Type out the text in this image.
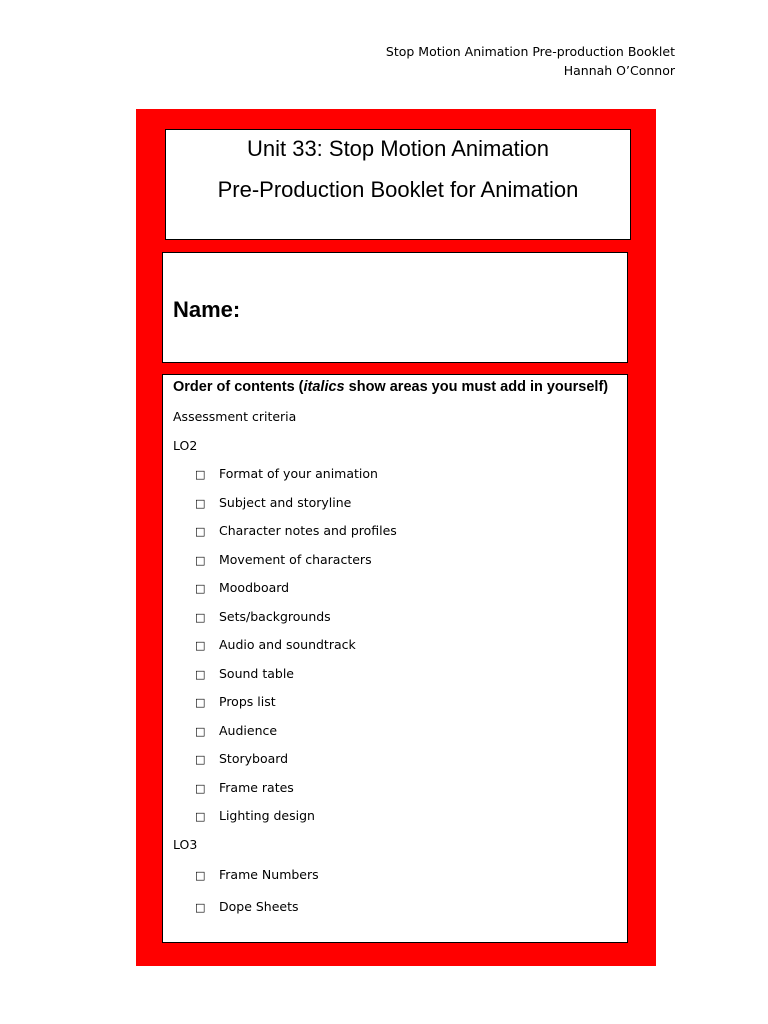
Stop Motion Animation Pre-production Booklet
Hannah O’Connor
Unit 33: Stop Motion Animation
Pre-Production Booklet for Animation
Name:
Order of contents (italics show areas you must add in yourself)
Assessment criteria
LO2
□ Format of your animation
□ Subject and storyline
□ Character notes and profiles
□ Movement of characters
□ Moodboard
□ Sets/backgrounds
□ Audio and soundtrack
□ Sound table
□ Props list
□ Audience
□ Storyboard
□ Frame rates
□ Lighting design
LO3
□ Frame Numbers
□ Dope Sheets
